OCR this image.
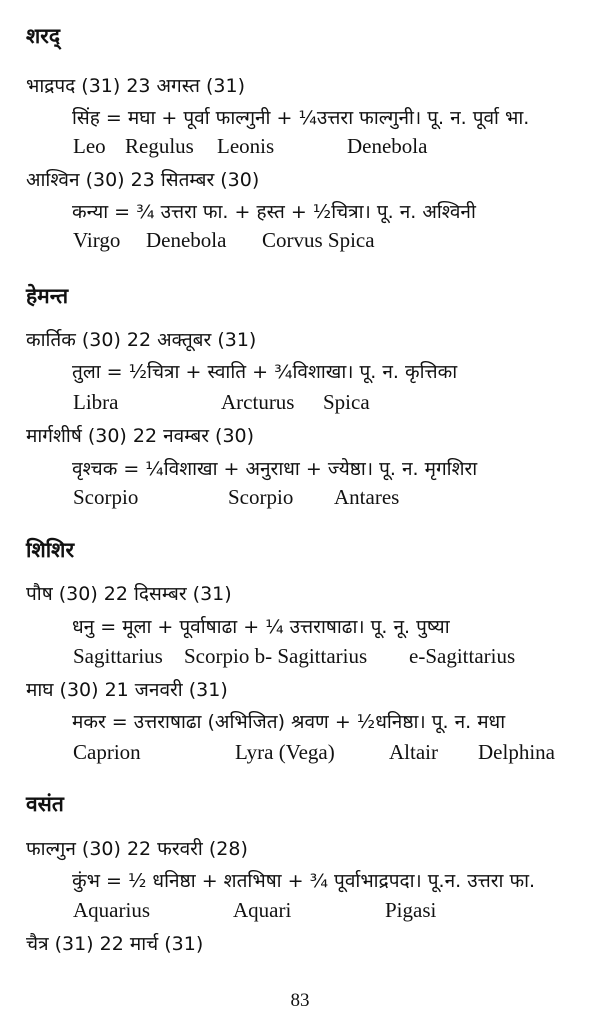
शरद्
भाद्रपद (31) 23 अगस्त (31)
सिंह = मघा + पूर्वा फाल्गुनी + ¼उत्तरा फाल्गुनी। पू. न. पूर्वा भा.
Leo Regulus Leonis	Denebola
आश्विन (30) 23 सितम्बर (30)
कन्या = ¾ उत्तरा फा. + हस्त + ½चित्रा। पू. न. अश्विनी
Virgo Denebola Corvus Spica
हेमन्त
कार्तिक (30) 22 अक्तूबर (31)
तुला = ½चित्रा + स्वाति + ¾विशाखा। पू. न. कृत्तिका
Libra	Arcturus Spica
मार्गशीर्ष (30) 22 नवम्बर (30)
वृश्चक = ¼विशाखा + अनुराधा + ज्येष्ठा। पू. न. मृगशिरा
Scorpio	Scorpio Antares
शिशिर
पौष (30) 22 दिसम्बर (31)
धनु = मूला + पूर्वाषाढा + ¼ उत्तराषाढा। पू. नू. पुष्या
Sagittarius Scorpio b- Sagittarius e-Sagittarius
माघ (30) 21 जनवरी (31)
मकर = उत्तराषाढा (अभिजित) श्रवण + ½धनिष्ठा। पू. न. मधा
Caprion	Lyra (Vega)	Altair Delphina
वसंत
फाल्गुन (30) 22 फरवरी (28)
कुंभ = ½ धनिष्ठा + शतभिषा + ¾ पूर्वाभाद्रपदा। पू.न. उत्तरा फा.
Aquarius	Aquari	Pigasi
चैत्र (31) 22 मार्च (31)
83
